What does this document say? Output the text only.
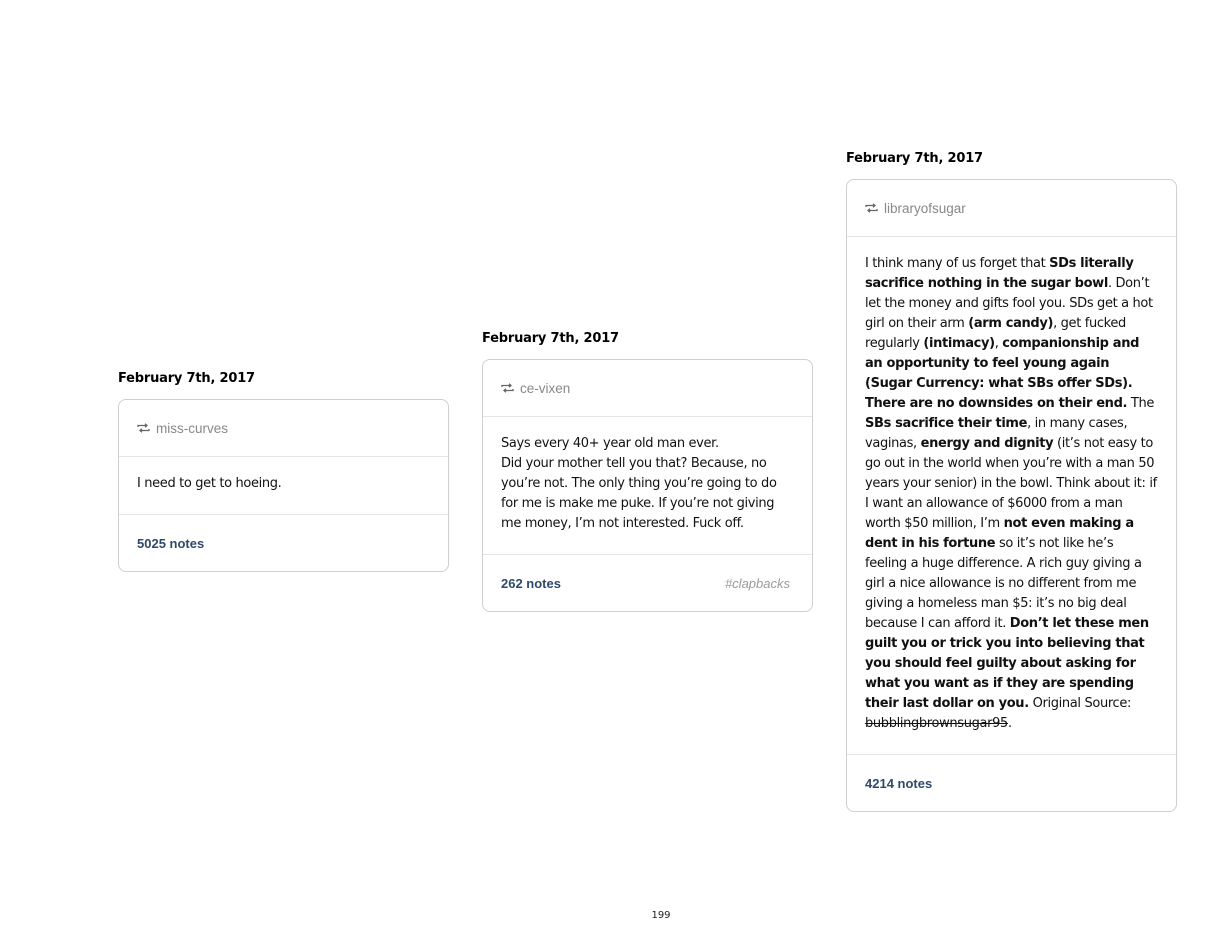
February 7th, 2017
miss-curves

I need to get to hoeing.

5025 notes
February 7th, 2017
ce-vixen

Says every 40+ year old man ever.

Did your mother tell you that? Because, no you’re not. The only thing you’re going to do for me is make me puke. If you’re not giving me money, I’m not interested. Fuck off.

262 notes	#clapbacks
February 7th, 2017
libraryofsugar

I think many of us forget that SDs literally sacrifice nothing in the sugar bowl. Don’t let the money and gifts fool you. SDs get a hot girl on their arm (arm candy), get fucked regularly (intimacy), companionship and an opportunity to feel young again (Sugar Currency: what SBs offer SDs). There are no downsides on their end. The SBs sacrifice their time, in many cases, vaginas, energy and dignity (it’s not easy to go out in the world when you’re with a man 50 years your senior) in the bowl. Think about it: if I want an allowance of $6000 from a man worth $50 million, I’m not even making a dent in his fortune so it’s not like he’s feeling a huge difference. A rich guy giving a girl a nice allowance is no different from me giving a homeless man $5: it’s no big deal because I can afford it. Don’t let these men guilt you or trick you into believing that you should feel guilty about asking for what you want as if they are spending their last dollar on you. Original Source: bubblingbrownsugar95.

4214 notes
199
